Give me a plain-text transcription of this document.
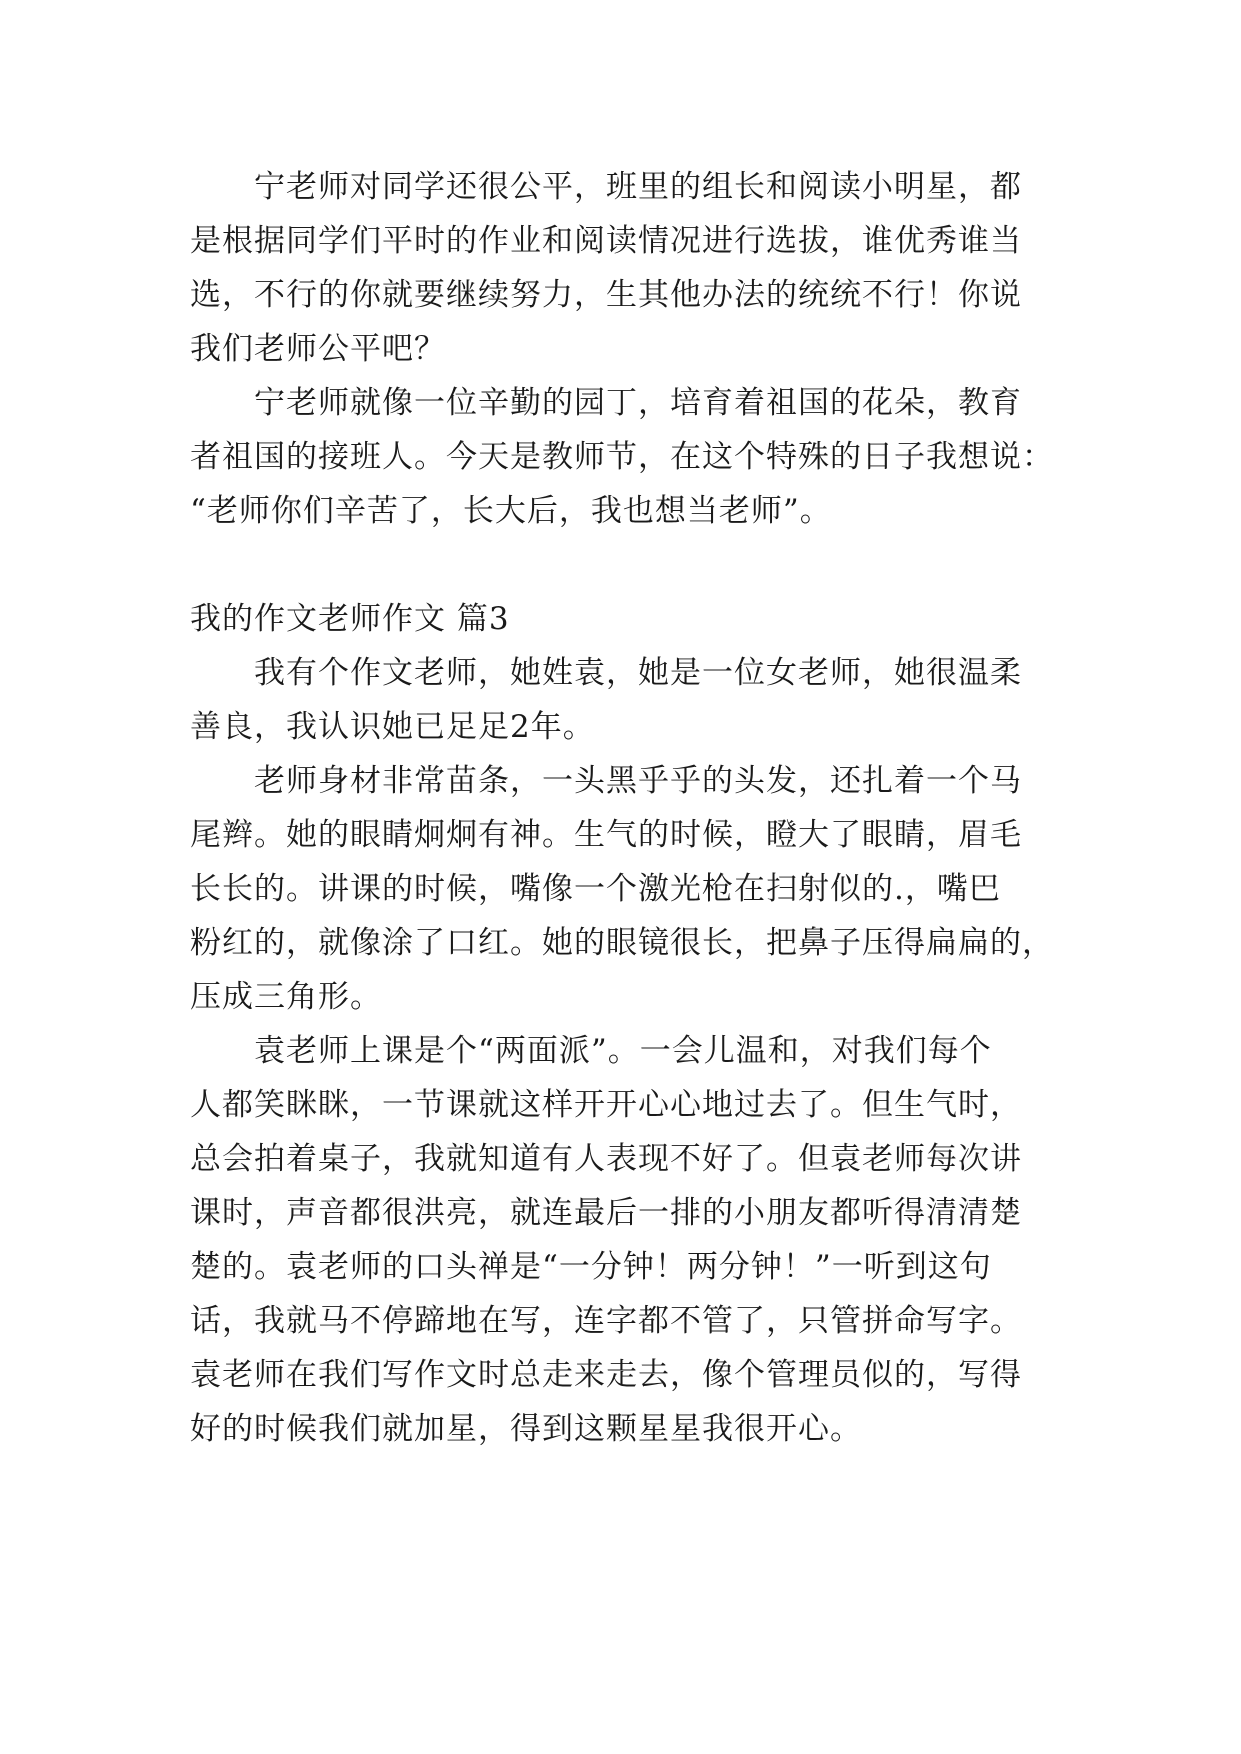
宁老师对同学还很公平，班里的组长和阅读小明星，都
是根据同学们平时的作业和阅读情况进行选拔，谁优秀谁当
选，不行的你就要继续努力，生其他办法的统统不行！你说
我们老师公平吧？
宁老师就像一位辛勤的园丁，培育着祖国的花朵，教育
者祖国的接班人。今天是教师节，在这个特殊的日子我想说：
“老师你们辛苦了，长大后，我也想当老师”。
我的作文老师作文 篇3
我有个作文老师，她姓袁，她是一位女老师，她很温柔
善良，我认识她已足足2年。
老师身材非常苗条，一头黑乎乎的头发，还扎着一个马
尾辫。她的眼睛炯炯有神。生气的时候，瞪大了眼睛，眉毛
长长的。讲课的时候，嘴像一个激光枪在扫射似的.，嘴巴
粉红的，就像涂了口红。她的眼镜很长，把鼻子压得扁扁的，
压成三角形。
袁老师上课是个“两面派”。一会儿温和，对我们每个
人都笑眯眯，一节课就这样开开心心地过去了。但生气时，
总会拍着桌子，我就知道有人表现不好了。但袁老师每次讲
课时，声音都很洪亮，就连最后一排的小朋友都听得清清楚
楚的。袁老师的口头禅是“一分钟！两分钟！”一听到这句
话，我就马不停蹄地在写，连字都不管了，只管拼命写字。
袁老师在我们写作文时总走来走去，像个管理员似的，写得
好的时候我们就加星，得到这颗星星我很开心。
